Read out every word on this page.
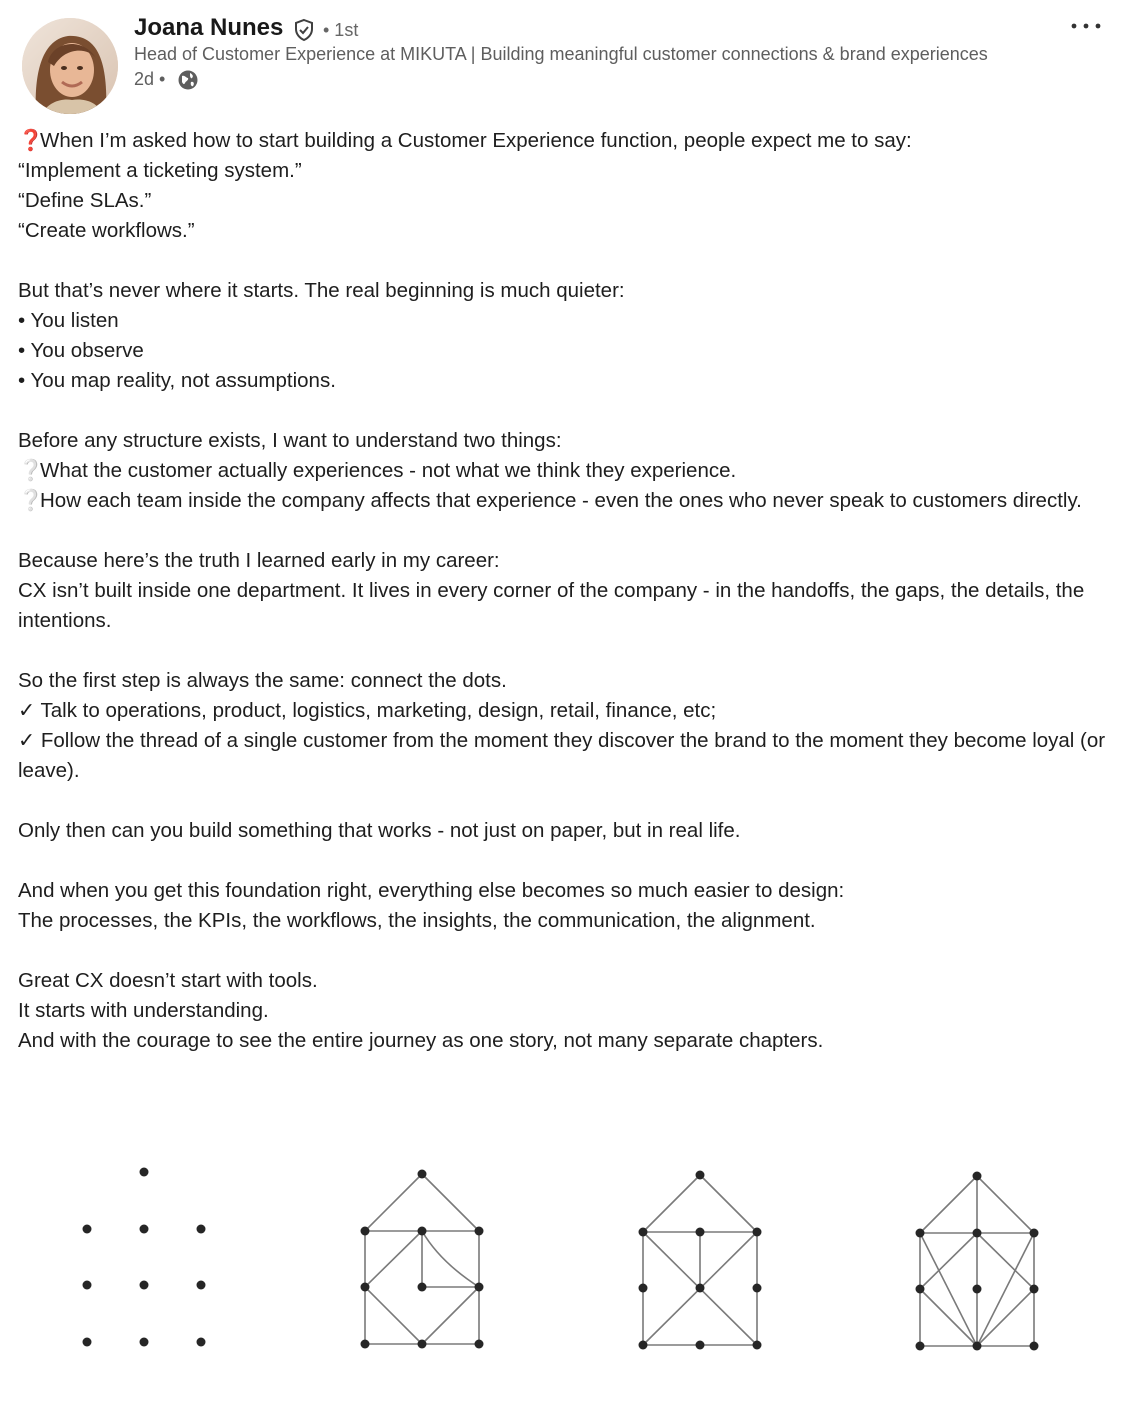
Joana Nunes • 1st
Head of Customer Experience at MIKUTA | Building meaningful customer connections & brand experiences
2d •

❓When I’m asked how to start building a Customer Experience function, people expect me to say:

“Implement a ticketing system.”

“Define SLAs.”

“Create workflows.”

But that’s never where it starts. The real beginning is much quieter:

• You listen

• You observe

• You map reality, not assumptions.

Before any structure exists, I want to understand two things:

❔What the customer actually experiences - not what we think they experience.

❔How each team inside the company affects that experience - even the ones who never speak to customers directly.

Because here’s the truth I learned early in my career:

CX isn’t built inside one department. It lives in every corner of the company - in the handoffs, the gaps, the details, the intentions.

So the first step is always the same: connect the dots.

✓ Talk to operations, product, logistics, marketing, design, retail, finance, etc;

✓ Follow the thread of a single customer from the moment they discover the brand to the moment they become loyal (or leave).

Only then can you build something that works - not just on paper, but in real life.

And when you get this foundation right, everything else becomes so much easier to design:

The processes, the KPIs, the workflows, the insights, the communication, the alignment.

Great CX doesn’t start with tools.

It starts with understanding.

And with the courage to see the entire journey as one story, not many separate chapters.
